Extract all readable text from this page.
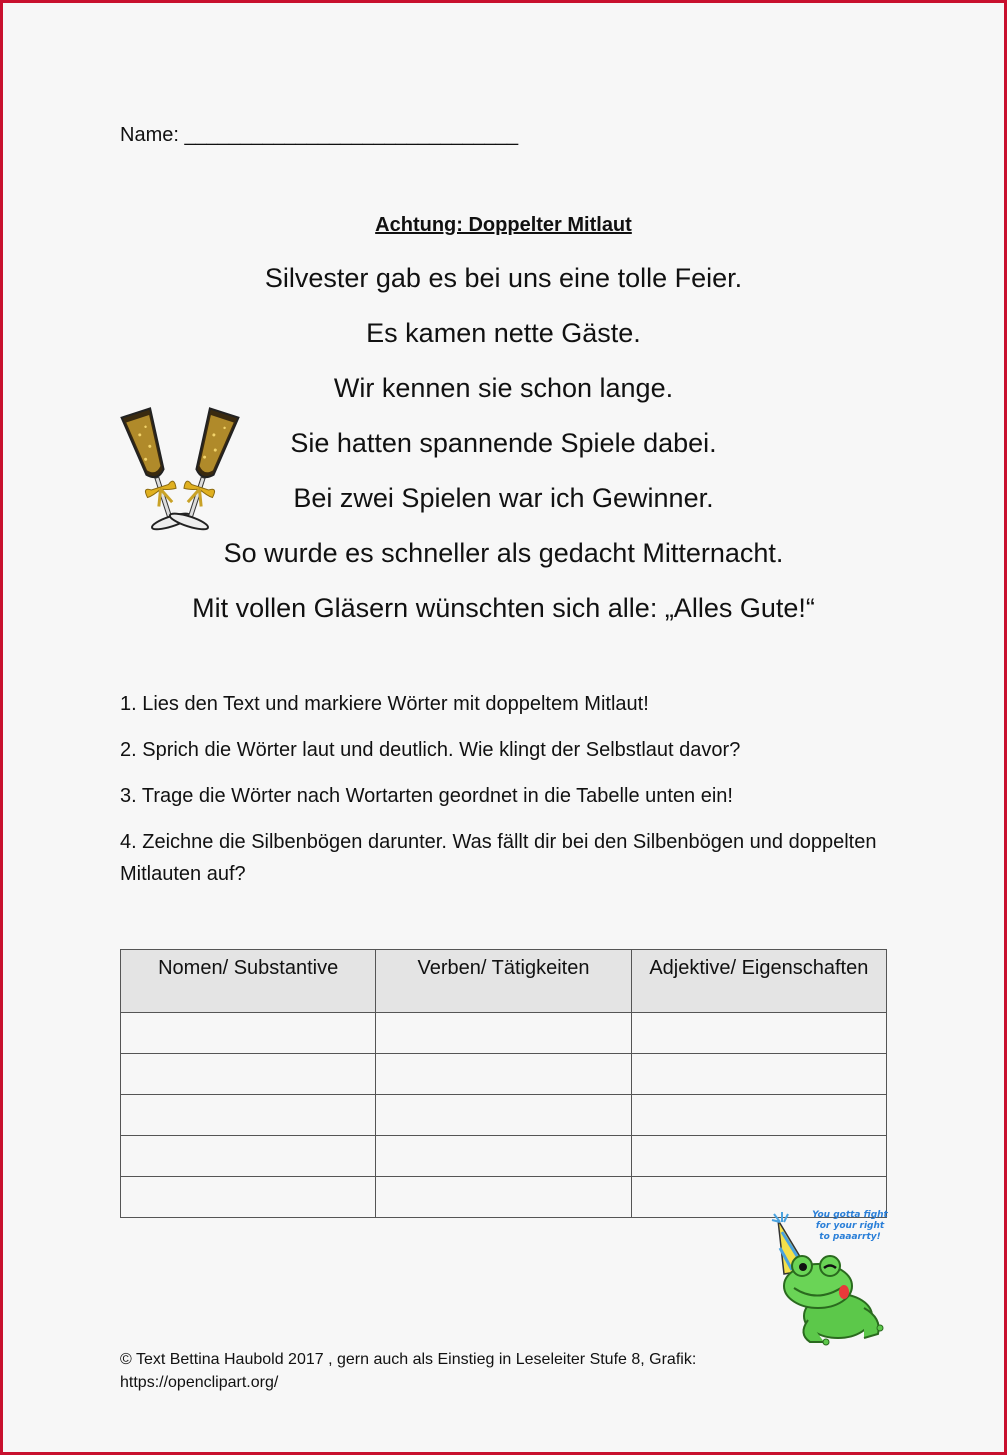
Name: ______________________________
Achtung: Doppelter Mitlaut
Silvester gab es bei uns eine tolle Feier.
Es kamen nette Gäste.
Wir kennen sie schon lange.
Sie hatten spannende Spiele dabei.
Bei zwei Spielen war ich Gewinner.
So wurde es schneller als gedacht Mitternacht.
Mit vollen Gläsern wünschten sich alle: „Alles Gute!“
1. Lies den Text und markiere Wörter mit doppeltem Mitlaut!
2. Sprich die Wörter laut und deutlich. Wie klingt der Selbstlaut davor?
3. Trage die Wörter nach Wortarten geordnet in die Tabelle unten ein!
4. Zeichne die Silbenbögen darunter. Was fällt dir bei den Silbenbögen und doppelten Mitlauten auf?
Nomen/ Substantive	Verben/ Tätigkeiten	Adjektive/ Eigenschaften

You gotta fight for your right to paaarrty!
© Text Bettina Haubold 2017 , gern auch als Einstieg in Leseleiter Stufe 8, Grafik:
https://openclipart.org/
